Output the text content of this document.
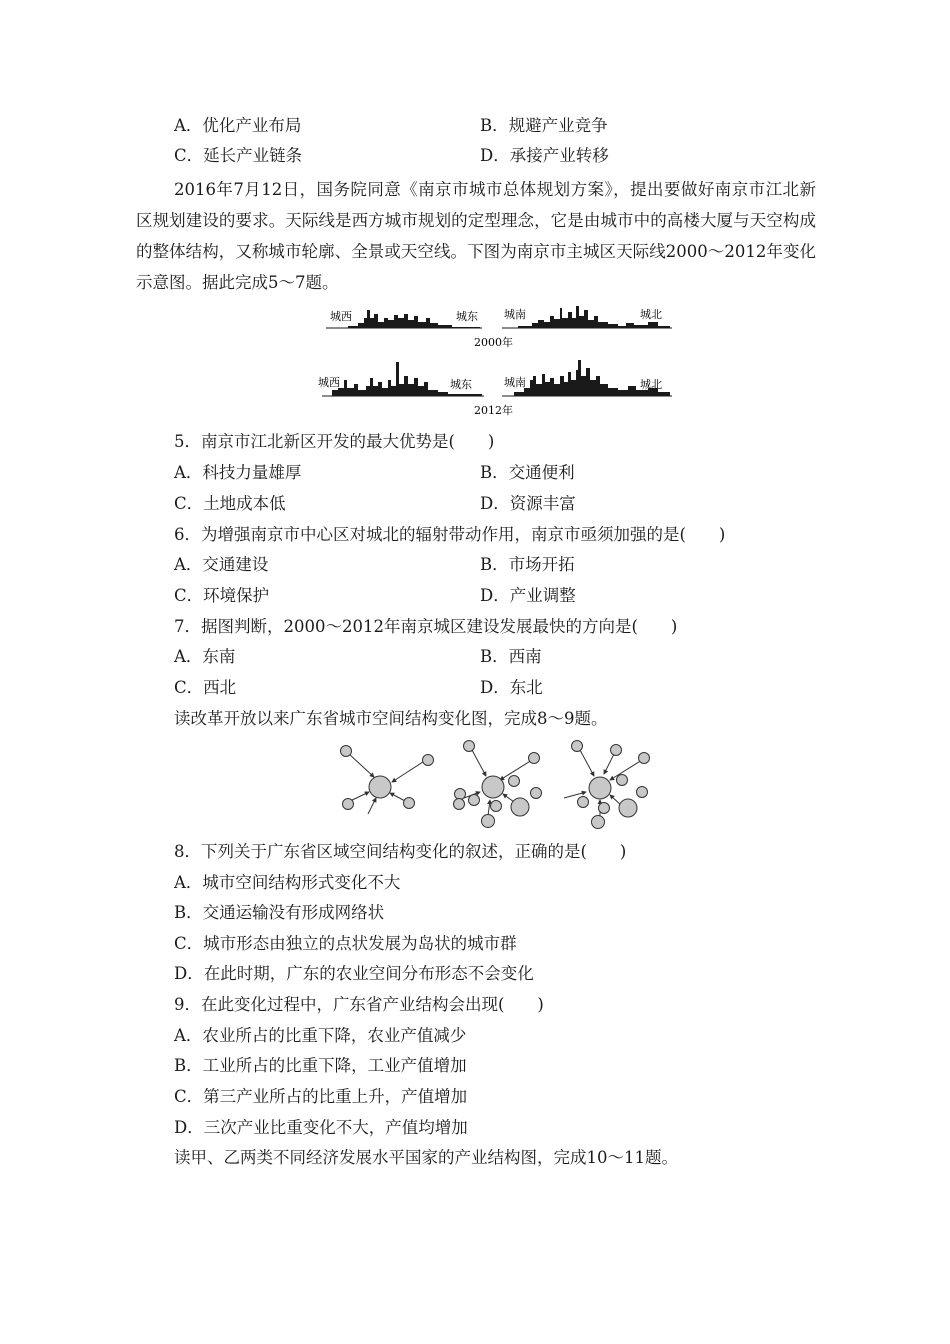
A．优化产业布局	B．规避产业竞争
C．延长产业链条	D．承接产业转移
2016年7月12日，国务院同意《南京市城市总体规划方案》，提出要做好南京市江北新区规划建设的要求。天际线是西方城市规划的定型理念，它是由城市中的高楼大厦与天空构成的整体结构，又称城市轮廓、全景或天空线。下图为南京市主城区天际线2000～2012年变化示意图。据此完成5～7题。
城西	城东 城南	城北
2000年
城西	城东	城南	城北
2012年
5．南京市江北新区开发的最大优势是(　　)
A．科技力量雄厚	B．交通便利
C．土地成本低	D．资源丰富
6．为增强南京市中心区对城北的辐射带动作用，南京市亟须加强的是(　　)
A．交通建设	B．市场开拓
C．环境保护	D．产业调整
7．据图判断，2000～2012年南京城区建设发展最快的方向是(　　)
A．东南	B．西南
C．西北	D．东北
读改革开放以来广东省城市空间结构变化图，完成8～9题。
8．下列关于广东省区域空间结构变化的叙述，正确的是(　　)
A．城市空间结构形式变化不大
B．交通运输没有形成网络状
C．城市形态由独立的点状发展为岛状的城市群
D．在此时期，广东的农业空间分布形态不会变化
9．在此变化过程中，广东省产业结构会出现(　　)
A．农业所占的比重下降，农业产值减少
B．工业所占的比重下降，工业产值增加
C．第三产业所占的比重上升，产值增加
D．三次产业比重变化不大，产值均增加
读甲、乙两类不同经济发展水平国家的产业结构图，完成10～11题。
